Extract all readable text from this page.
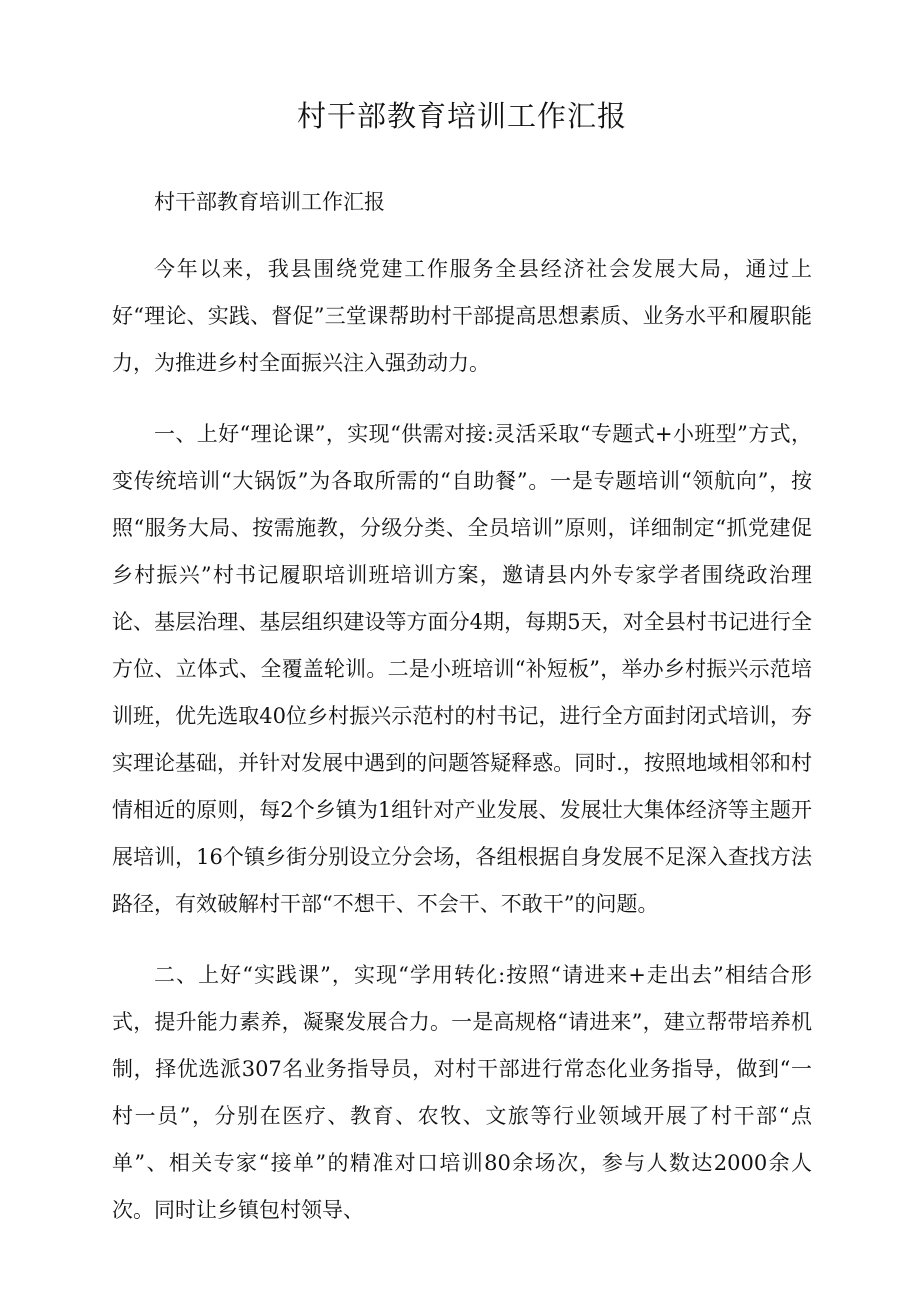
村干部教育培训工作汇报

村干部教育培训工作汇报

今年以来，我县围绕党建工作服务全县经济社会发展大局，通过上好“理论、实践、督促”三堂课帮助村干部提高思想素质、业务水平和履职能力，为推进乡村全面振兴注入强劲动力。

一、上好“理论课”，实现“供需对接:灵活采取“专题式+小班型”方式，变传统培训“大锅饭”为各取所需的“自助餐”。一是专题培训“领航向”，按照“服务大局、按需施教，分级分类、全员培训”原则，详细制定“抓党建促乡村振兴”村书记履职培训班培训方案，邀请县内外专家学者围绕政治理论、基层治理、基层组织建设等方面分4期，每期5天，对全县村书记进行全方位、立体式、全覆盖轮训。二是小班培训“补短板”，举办乡村振兴示范培训班，优先选取40位乡村振兴示范村的村书记，进行全方面封闭式培训，夯实理论基础，并针对发展中遇到的问题答疑释惑。同时.，按照地域相邻和村情相近的原则，每2个乡镇为1组针对产业发展、发展壮大集体经济等主题开展培训，16个镇乡街分别设立分会场，各组根据自身发展不足深入查找方法路径，有效破解村干部“不想干、不会干、不敢干”的问题。

二、上好“实践课”，实现“学用转化:按照“请进来+走出去”相结合形式，提升能力素养，凝聚发展合力。一是高规格“请进来”，建立帮带培养机制，择优选派307名业务指导员，对村干部进行常态化业务指导，做到“一村一员”，分别在医疗、教育、农牧、文旅等行业领域开展了村干部“点单”、相关专家“接单”的精准对口培训80余场次，参与人数达2000余人次。同时让乡镇包村领导、
